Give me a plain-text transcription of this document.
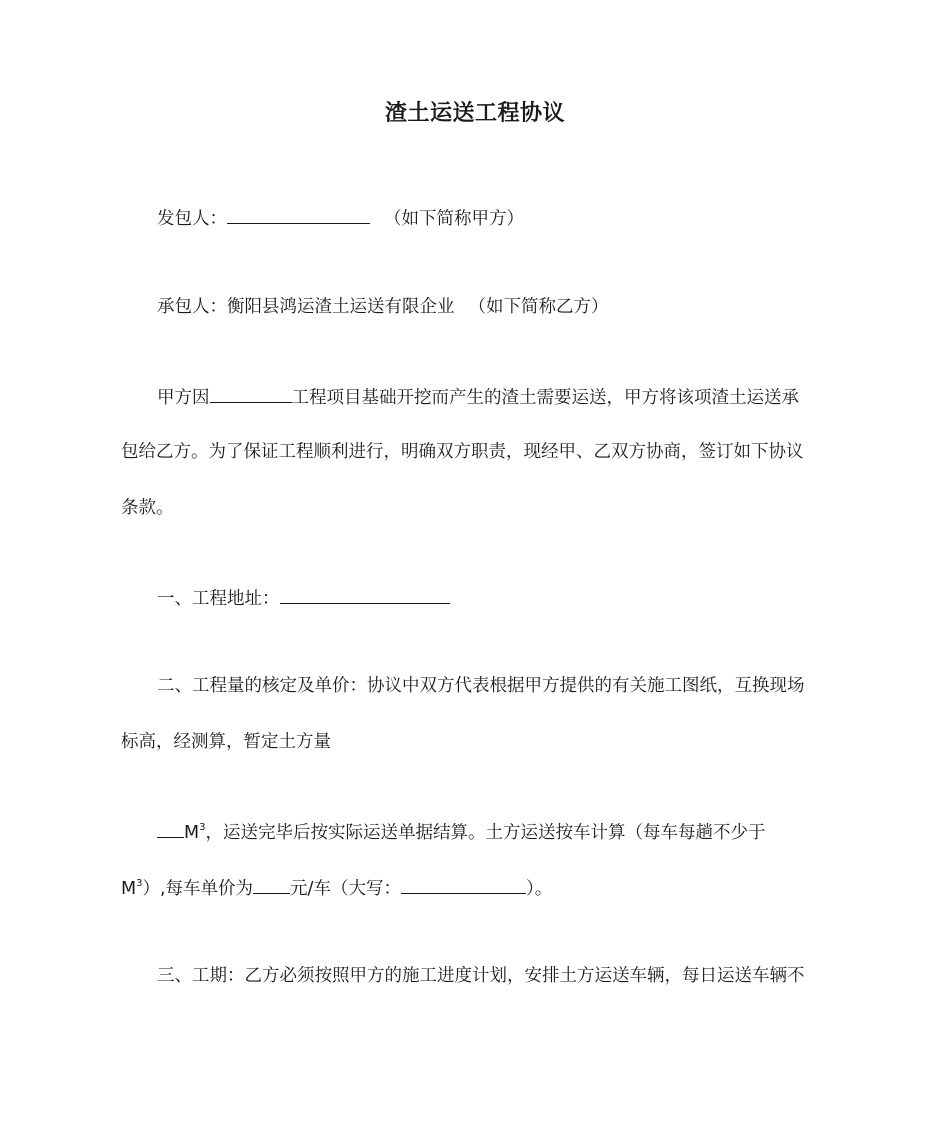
渣土运送工程协议
发包人：	（如下简称甲方）
承包人：衡阳县鸿运渣土运送有限企业 （如下简称乙方）
甲方因	工程项目基础开挖而产生的渣土需要运送，甲方将该项渣土运送承
包给乙方。为了保证工程顺利进行，明确双方职责，现经甲、乙双方协商，签订如下协议
条款。
一、工程地址：
二、工程量的核定及单价：协议中双方代表根据甲方提供的有关施工图纸，互换现场
标高，经测算，暂定土方量
$M^3$，运送完毕后按实际运送单据结算。土方运送按车计算（每车每趟不少于
$M^3$）,每车单价为 元/车（大写：	）。
三、工期：乙方必须按照甲方的施工进度计划，安排土方运送车辆，每日运送车辆不
